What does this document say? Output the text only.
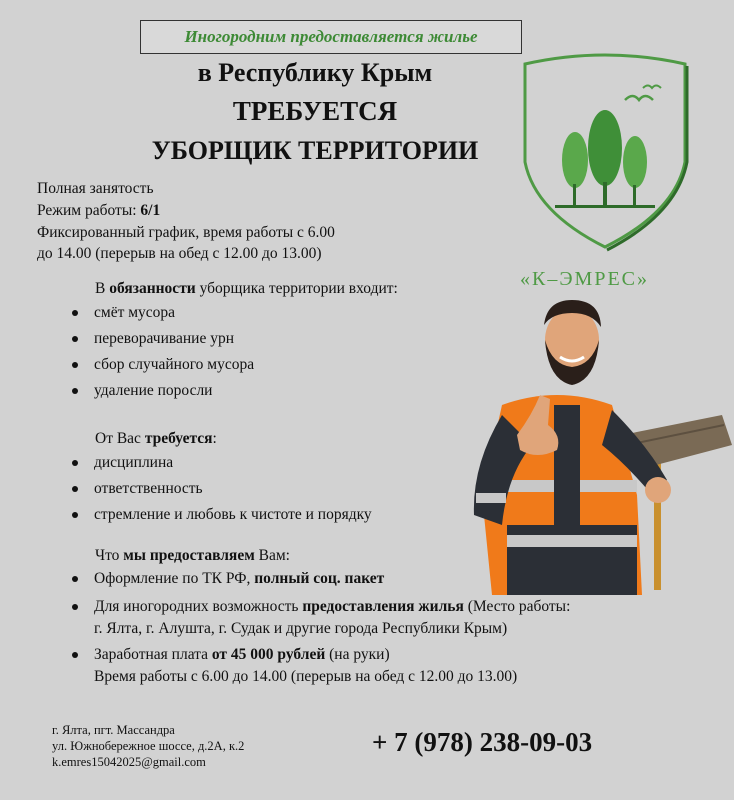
Иногородним предоставляется жилье
в Республику Крым
ТРЕБУЕТСЯ
УБОРЩИК ТЕРРИТОРИИ
«К–ЭМРЕС»
Полная занятость
Режим работы: 6/1
Фиксированный график, время работы с 6.00
до 14.00 (перерыв на обед с 12.00 до 13.00)
В обязанности уборщика территории входит:
смёт мусора
переворачивание урн
сбор случайного мусора
удаление поросли
От Вас требуется:
дисциплина
ответственность
стремление и любовь к чистоте и порядку
Что мы предоставляем Вам:
Оформление по ТК РФ, полный соц. пакет
Для иногородних возможность предоставления жилья (Место работы:
г. Ялта, г. Алушта, г. Судак и другие города Республики Крым)
Заработная плата от 45 000 рублей (на руки)
Время работы с 6.00 до 14.00 (перерыв на обед с 12.00 до 13.00)
г. Ялта, пгт. Массандра
ул. Южнобережное шоссе, д.2А, к.2
k.emres15042025@gmail.com
+ 7 (978) 238-09-03
